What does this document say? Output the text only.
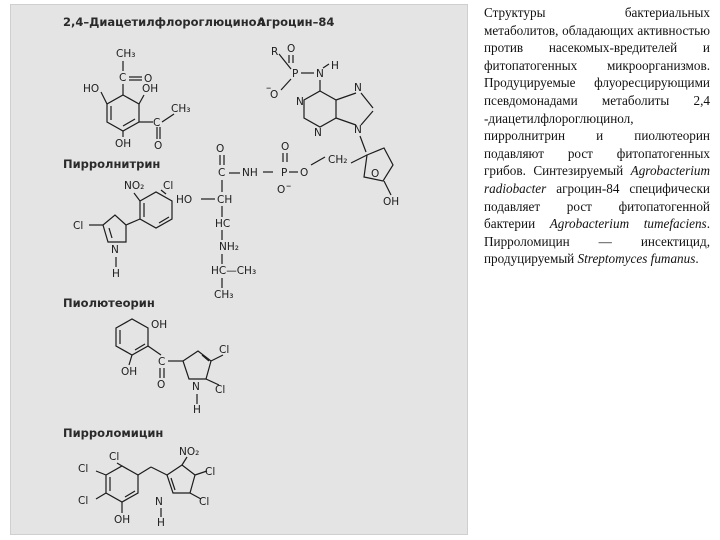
2,4–Диацетилфлороглюцинол
CH₃
C O
HO	OH
OH
C
CH₃
O
Агроцин–84
R
P
O
O
–
N
H
N
N
N
N
O
CH₂
OH
O
P
O
O –
NH
C
O
CH
HO
HC
NH₂
HC—CH₃
CH₃
Пирролнитрин
NO₂ Cl
Cl
N
H
Пиолютеорин
OH
OH
C
O
Cl
Cl
N
H
Пирроломицин
Cl
Cl
Cl
OH
NO₂
Cl
Cl
N
H
Структуры бактериальных метаболитов, обладающих активностью против насекомых-вредителей и фитопатогенных микроорганизмов. Продуцируемые флуоресцирующими псевдомонадами метаболиты 2,4 -диацетилфлороглюцинол, пирролнитрин и пиолютеорин подавляют рост фитопатогенных грибов. Синтезируемый Agrobacterium radiobacter агроцин-84 специфически подавляет рост фитопатогенной бактерии Agrobacterium tumefaciens. Пирроломицин — инсектицид, продуцируемый Streptomyces fumanus.
